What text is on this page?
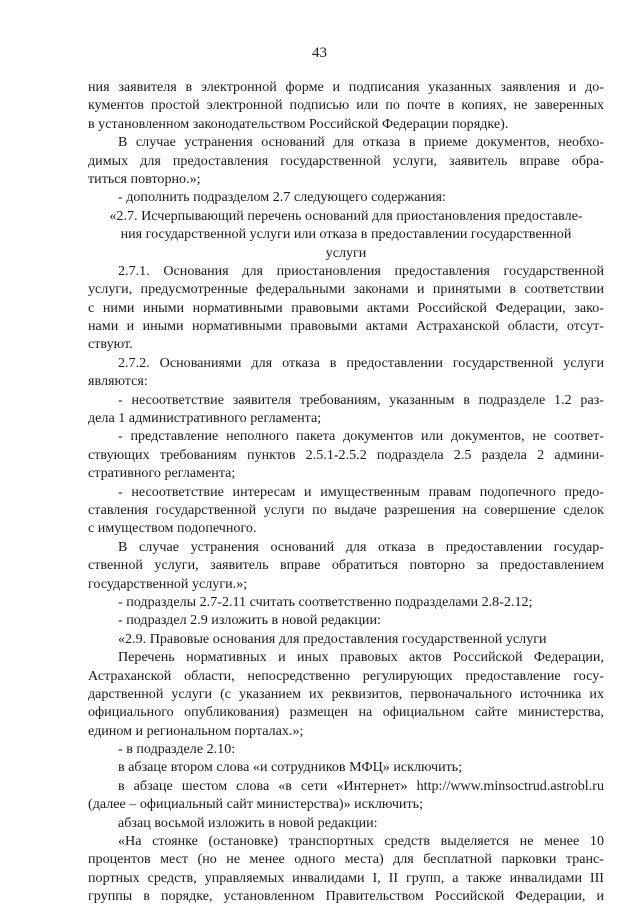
43
ния заявителя в электронной форме и подписания указанных заявления и до-
кументов простой электронной подписью или по почте в копиях, не заверенных
в установленном законодательством Российской Федерации порядке).
В случае устранения оснований для отказа в приеме документов, необхо-
димых для предоставления государственной услуги, заявитель вправе обра-
титься повторно.»;
- дополнить подразделом 2.7 следующего содержания:
«2.7. Исчерпывающий перечень оснований для приостановления предоставле-
ния государственной услуги или отказа в предоставлении государственной
услуги
2.7.1. Основания для приостановления предоставления государственной
услуги, предусмотренные федеральными законами и принятыми в соответствии
с ними иными нормативными правовыми актами Российской Федерации, зако-
нами и иными нормативными правовыми актами Астраханской области, отсут-
ствуют.
2.7.2. Основаниями для отказа в предоставлении государственной услуги
являются:
- несоответствие заявителя требованиям, указанным в подразделе 1.2 раз-
дела 1 административного регламента;
- представление неполного пакета документов или документов, не соответ-
ствующих требованиям пунктов 2.5.1-2.5.2 подраздела 2.5 раздела 2 админи-
стративного регламента;
- несоответствие интересам и имущественным правам подопечного предо-
ставления государственной услуги по выдаче разрешения на совершение сделок
с имуществом подопечного.
В случае устранения оснований для отказа в предоставлении государ-
ственной услуги, заявитель вправе обратиться повторно за предоставлением
государственной услуги.»;
- подразделы 2.7-2.11 считать соответственно подразделами 2.8-2.12;
- подраздел 2.9 изложить в новой редакции:
«2.9. Правовые основания для предоставления государственной услуги
Перечень нормативных и иных правовых актов Российской Федерации,
Астраханской области, непосредственно регулирующих предоставление госу-
дарственной услуги (с указанием их реквизитов, первоначального источника их
официального опубликования) размещен на официальном сайте министерства,
едином и региональном порталах.»;
- в подразделе 2.10:
в абзаце втором слова «и сотрудников МФЦ» исключить;
в абзаце шестом слова «в сети «Интернет» http://www.minsoctrud.astrobl.ru
(далее – официальный сайт министерства)» исключить;
абзац восьмой изложить в новой редакции:
«На стоянке (остановке) транспортных средств выделяется не менее 10
процентов мест (но не менее одного места) для бесплатной парковки транс-
портных средств, управляемых инвалидами I, II групп, а также инвалидами III
группы в порядке, установленном Правительством Российской Федерации, и
